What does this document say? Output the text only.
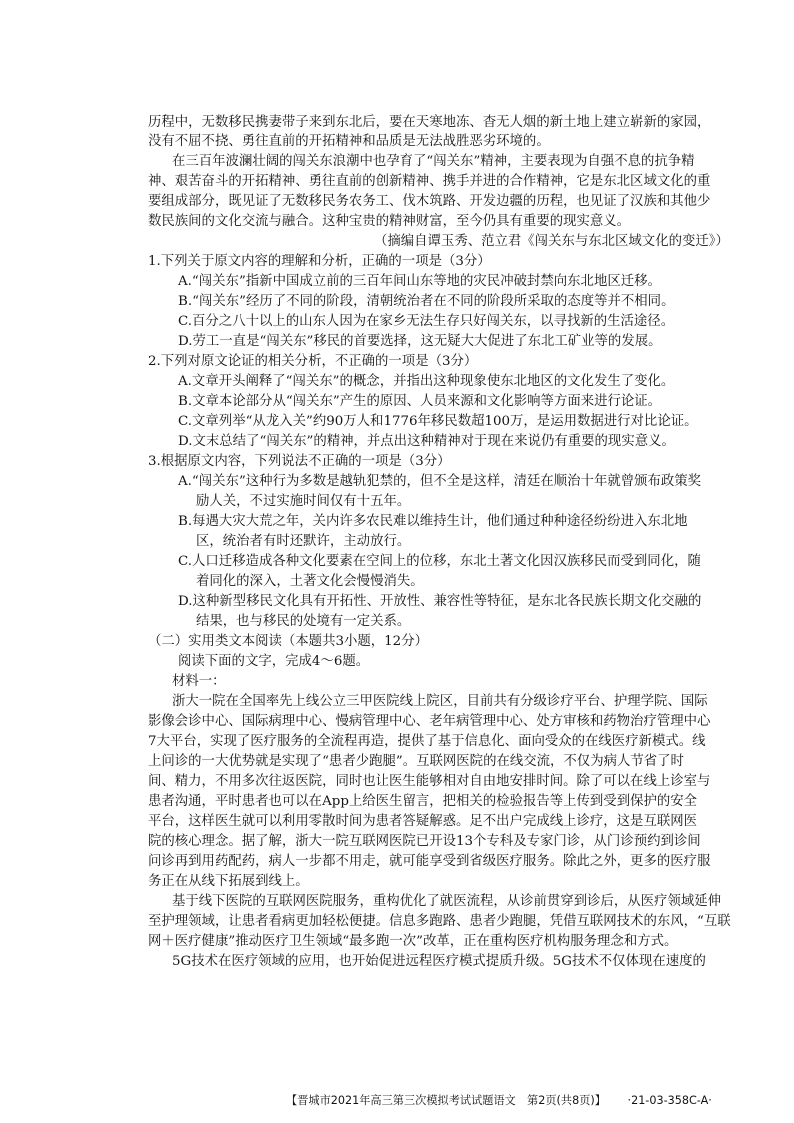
历程中，无数移民携妻带子来到东北后，要在天寒地冻、杳无人烟的新土地上建立崭新的家园，
没有不屈不挠、勇往直前的开拓精神和品质是无法战胜恶劣环境的。
在三百年波澜壮阔的闯关东浪潮中也孕育了“闯关东”精神，主要表现为自强不息的抗争精
神、艰苦奋斗的开拓精神、勇往直前的创新精神、携手并进的合作精神，它是东北区域文化的重
要组成部分，既见证了无数移民务农务工、伐木筑路、开发边疆的历程，也见证了汉族和其他少
数民族间的文化交流与融合。这种宝贵的精神财富，至今仍具有重要的现实意义。
（摘编自谭玉秀、范立君《闯关东与东北区域文化的变迁》）
1.下列关于原文内容的理解和分析，正确的一项是（3分）
A.“闯关东”指新中国成立前的三百年间山东等地的灾民冲破封禁向东北地区迁移。
B.“闯关东”经历了不同的阶段，清朝统治者在不同的阶段所采取的态度等并不相同。
C.百分之八十以上的山东人因为在家乡无法生存只好闯关东，以寻找新的生活途径。
D.劳工一直是“闯关东”移民的首要选择，这无疑大大促进了东北工矿业等的发展。
2.下列对原文论证的相关分析，不正确的一项是（3分）
A.文章开头阐释了“闯关东”的概念，并指出这种现象使东北地区的文化发生了变化。
B.文章本论部分从“闯关东”产生的原因、人员来源和文化影响等方面来进行论证。
C.文章列举“从龙入关”约90万人和1776年移民数超100万，是运用数据进行对比论证。
D.文末总结了“闯关东”的精神，并点出这种精神对于现在来说仍有重要的现实意义。
3.根据原文内容，下列说法不正确的一项是（3分）
A.“闯关东”这种行为多数是越轨犯禁的，但不全是这样，清廷在顺治十年就曾颁布政策奖
励人关，不过实施时间仅有十五年。
B.每遇大灾大荒之年，关内许多农民难以维持生计，他们通过种种途径纷纷进入东北地
区，统治者有时还默许，主动放行。
C.人口迁移造成各种文化要素在空间上的位移，东北土著文化因汉族移民而受到同化，随
着同化的深入，土著文化会慢慢消失。
D.这种新型移民文化具有开拓性、开放性、兼容性等特征，是东北各民族长期文化交融的
结果，也与移民的处境有一定关系。
（二）实用类文本阅读（本题共3小题，12分）
阅读下面的文字，完成4～6题。
材料一：
浙大一院在全国率先上线公立三甲医院线上院区，目前共有分级诊疗平台、护理学院、国际
影像会诊中心、国际病理中心、慢病管理中心、老年病管理中心、处方审核和药物治疗管理中心
7大平台，实现了医疗服务的全流程再造，提供了基于信息化、面向受众的在线医疗新模式。线
上问诊的一大优势就是实现了“患者少跑腿”。互联网医院的在线交流，不仅为病人节省了时
间、精力，不用多次往返医院，同时也让医生能够相对自由地安排时间。除了可以在线上诊室与
患者沟通，平时患者也可以在App上给医生留言，把相关的检验报告等上传到受到保护的安全
平台，这样医生就可以利用零散时间为患者答疑解惑。足不出户完成线上诊疗，这是互联网医
院的核心理念。据了解，浙大一院互联网医院已开设13个专科及专家门诊，从门诊预约到诊间
问诊再到用药配药，病人一步都不用走，就可能享受到省级医疗服务。除此之外，更多的医疗服
务正在从线下拓展到线上。
基于线下医院的互联网医院服务，重构优化了就医流程，从诊前贯穿到诊后，从医疗领域延伸
至护理领域，让患者看病更加轻松便捷。信息多跑路、患者少跑腿，凭借互联网技术的东风，“互联
网＋医疗健康”推动医疗卫生领域“最多跑一次”改革，正在重构医疗机构服务理念和方式。
5G技术在医疗领域的应用，也开始促进远程医疗模式提质升级。5G技术不仅体现在速度的
【晋城市2021年高三第三次模拟考试试题语文　第2页(共8页)】 ·21-03-358C-A·
